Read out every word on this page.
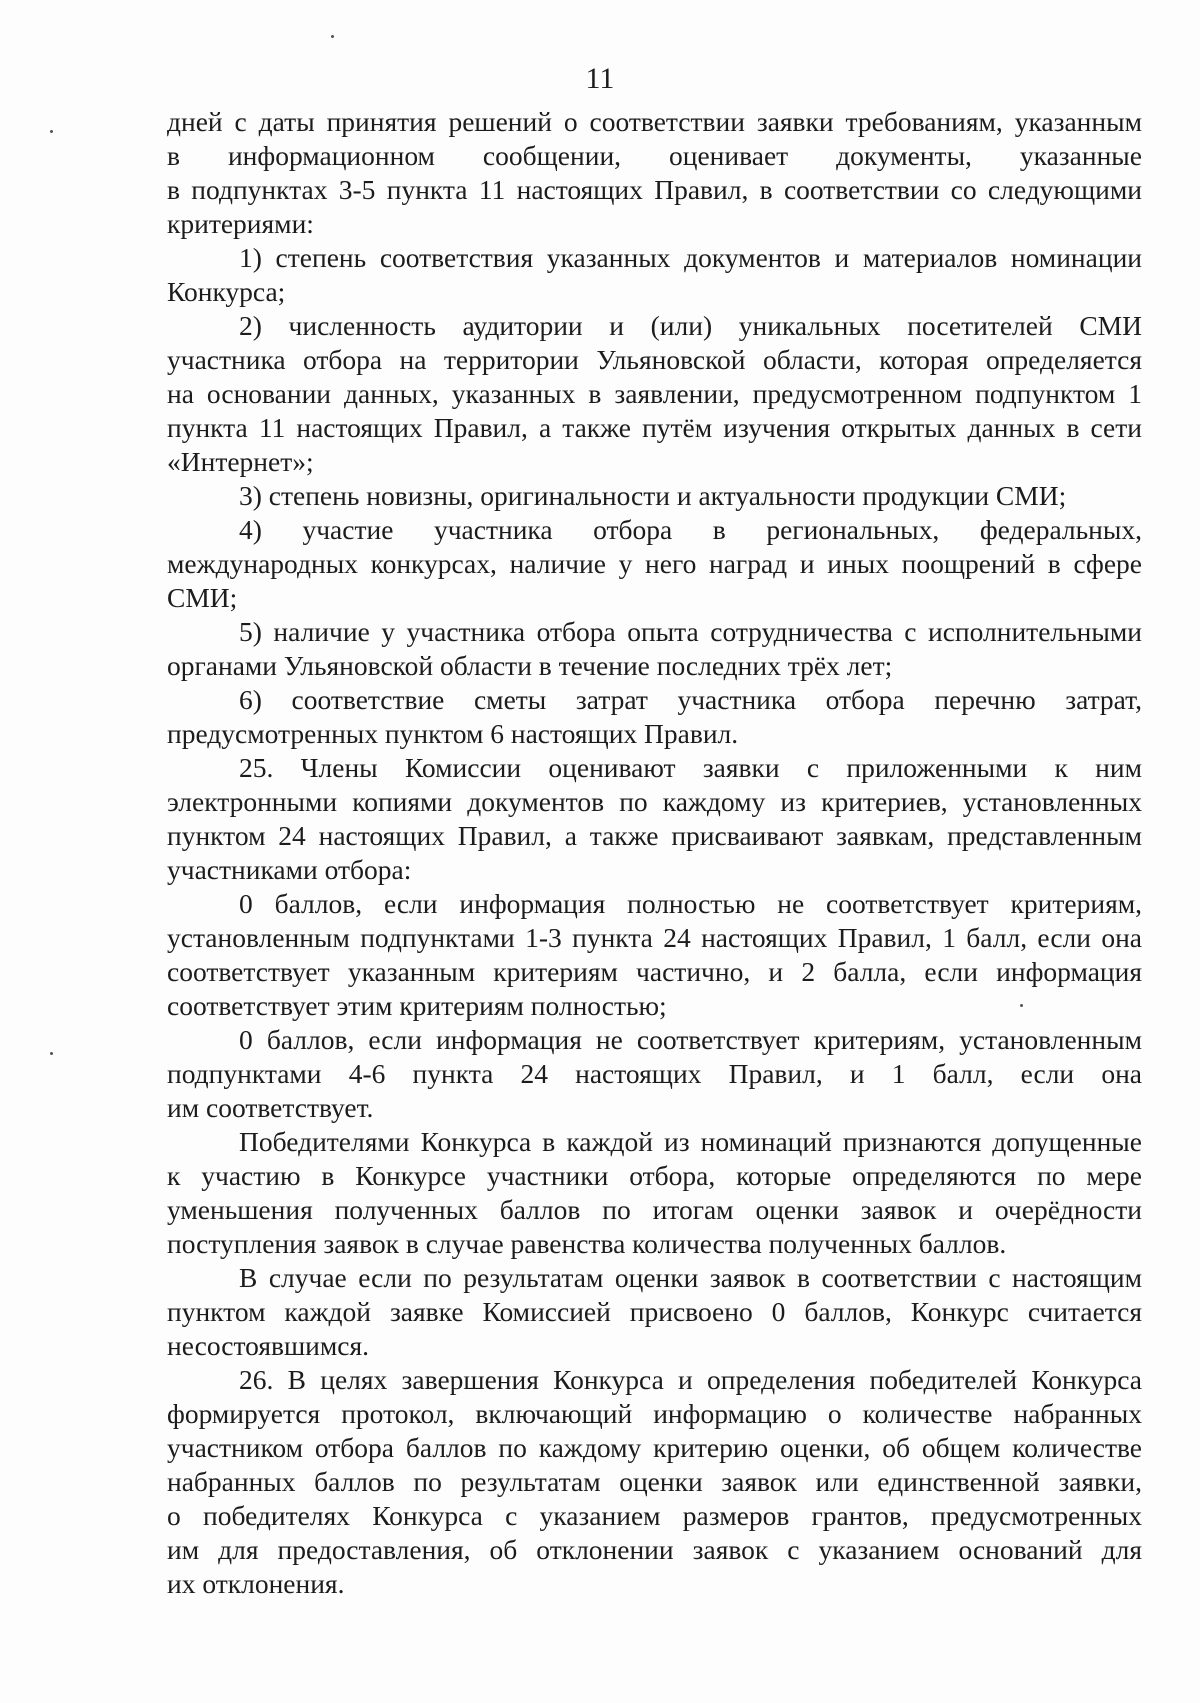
11
дней с даты принятия решений о соответствии заявки требованиям, указанным
в информационном сообщении, оценивает документы, указанные
в подпунктах 3-5 пункта 11 настоящих Правил, в соответствии со следующими
критериями:
1) степень соответствия указанных документов и материалов номинации
Конкурса;
2) численность аудитории и (или) уникальных посетителей СМИ
участника отбора на территории Ульяновской области, которая определяется
на основании данных, указанных в заявлении, предусмотренном подпунктом 1
пункта 11 настоящих Правил, а также путём изучения открытых данных в сети
«Интернет»;
3) степень новизны, оригинальности и актуальности продукции СМИ;
4) участие участника отбора в региональных, федеральных,
международных конкурсах, наличие у него наград и иных поощрений в сфере
СМИ;
5) наличие у участника отбора опыта сотрудничества с исполнительными
органами Ульяновской области в течение последних трёх лет;
6) соответствие сметы затрат участника отбора перечню затрат,
предусмотренных пунктом 6 настоящих Правил.
25. Члены Комиссии оценивают заявки с приложенными к ним
электронными копиями документов по каждому из критериев, установленных
пунктом 24 настоящих Правил, а также присваивают заявкам, представленным
участниками отбора:
0 баллов, если информация полностью не соответствует критериям,
установленным подпунктами 1-3 пункта 24 настоящих Правил, 1 балл, если она
соответствует указанным критериям частично, и 2 балла, если информация
соответствует этим критериям полностью;
0 баллов, если информация не соответствует критериям, установленным
подпунктами 4-6 пункта 24 настоящих Правил, и 1 балл, если она
им соответствует.
Победителями Конкурса в каждой из номинаций признаются допущенные
к участию в Конкурсе участники отбора, которые определяются по мере
уменьшения полученных баллов по итогам оценки заявок и очерёдности
поступления заявок в случае равенства количества полученных баллов.
В случае если по результатам оценки заявок в соответствии с настоящим
пунктом каждой заявке Комиссией присвоено 0 баллов, Конкурс считается
несостоявшимся.
26. В целях завершения Конкурса и определения победителей Конкурса
формируется протокол, включающий информацию о количестве набранных
участником отбора баллов по каждому критерию оценки, об общем количестве
набранных баллов по результатам оценки заявок или единственной заявки,
о победителях Конкурса с указанием размеров грантов, предусмотренных
им для предоставления, об отклонении заявок с указанием оснований для
их отклонения.
